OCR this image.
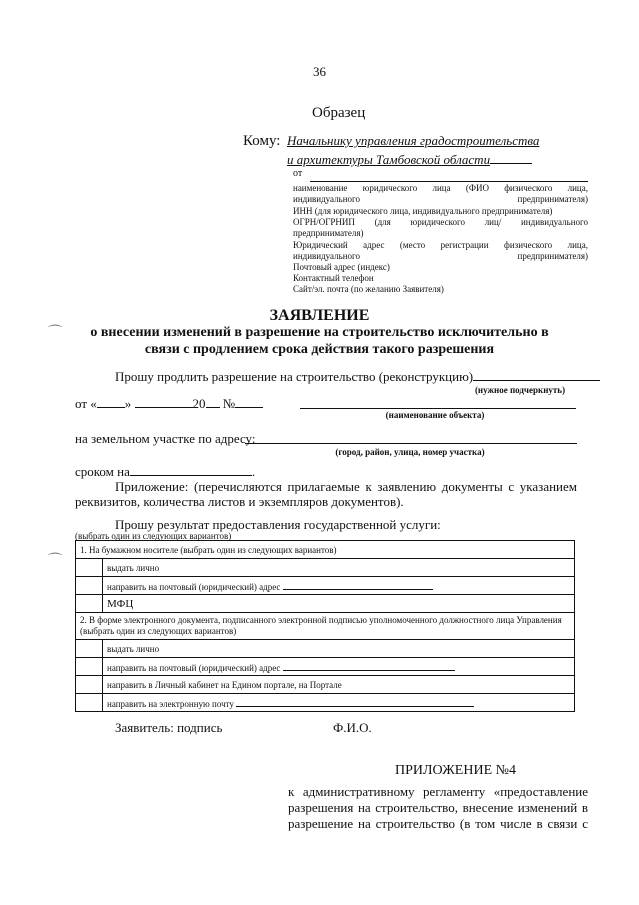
36
Образец
Кому: Начальнику управления градостроительства
и архитектуры Тамбовской области
от
наименование юридического лица (ФИО физического лица, индивидуального предпринимателя)
ИНН (для юридического лица, индивидуального предпринимателя)
ОГРН/ОГРНИП (для юридического лиц/ индивидуального предпринимателя)
Юридический адрес (место регистрации физического лица, индивидуального предпринимателя)
Почтовый адрес (индекс)
Контактный телефон
Сайт/эл. почта (по желанию Заявителя)
ЗАЯВЛЕНИЕ
о внесении изменений в разрешение на строительство исключительно в
связи с продлением срока действия такого разрешения
Прошу продлить разрешение на строительство (реконструкцию)
(нужное подчеркнуть)
от « »	20 №
(наименование объекта)
на земельном участке по адресу:
(город, район, улица, номер участка)
сроком на	.
Приложение: (перечисляются прилагаемые к заявлению документы с указанием
реквизитов, количества листов и экземпляров документов).
Прошу результат предоставления государственной услуги:
(выбрать один из следующих вариантов)
1. На бумажном носителе (выбрать один из следующих вариантов)	
	выдать лично
	направить на почтовый (юридический) адрес
	МФЦ
2. В форме электронного документа, подписанного электронной подписью уполномоченного должностного лица Управления (выбрать один из следующих вариантов)	
	выдать лично
	направить на почтовый (юридический) адрес
	направить в Личный кабинет на Едином портале, на Портале
	направить на электронную почту
Заявитель: подпись	Ф.И.О.
ПРИЛОЖЕНИЕ №4
к административному регламенту «предоставление
разрешения на строительство, внесение изменений в
разрешение на строительство (в том числе в связи с
⌒
⌒
